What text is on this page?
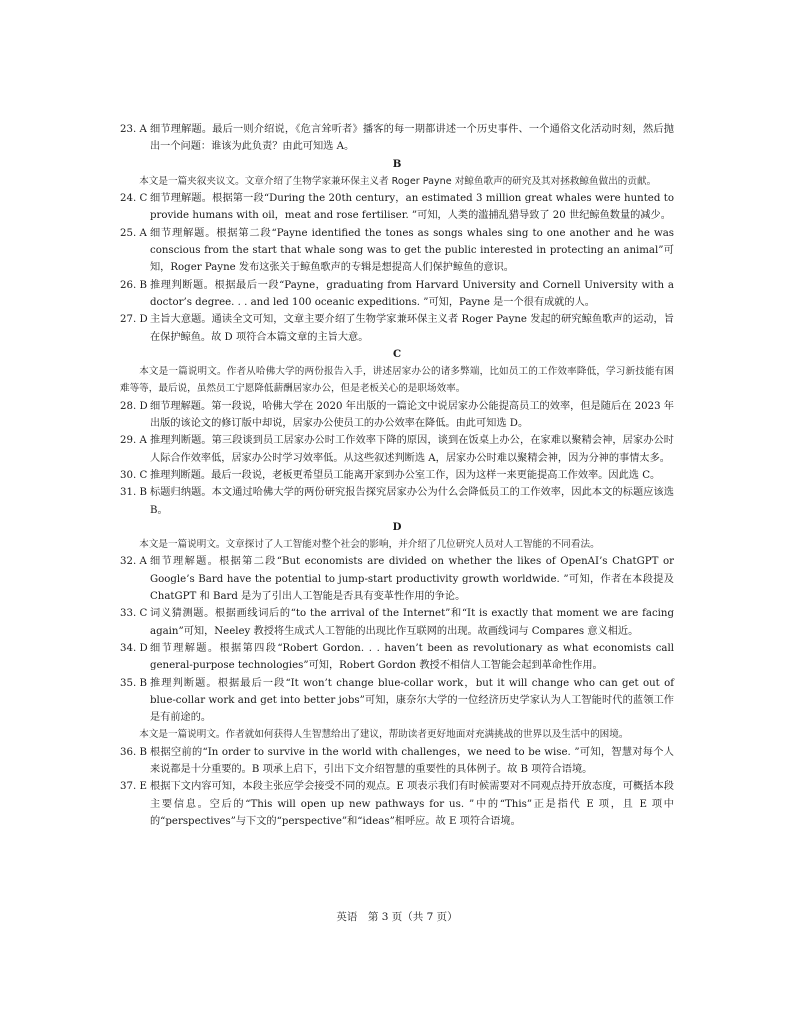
23. A 细节理解题。最后一则介绍说，《危言耸听者》播客的每一期都讲述一个历史事件、一个通俗文化活动时刻，然后抛出一个问题：谁该为此负责？由此可知选 A。
B
本文是一篇夹叙夹议文。文章介绍了生物学家兼环保主义者 Roger Payne 对鲸鱼歌声的研究及其对拯救鲸鱼做出的贡献。
24. C 细节理解题。根据第一段“During the 20th century，an estimated 3 million great whales were hunted to provide humans with oil，meat and rose fertiliser. ”可知，人类的滥捕乱猎导致了 20 世纪鲸鱼数量的减少。
25. A 细节理解题。根据第二段“Payne identified the tones as songs whales sing to one another and he was conscious from the start that whale song was to get the public interested in protecting an animal”可知，Roger Payne 发布这张关于鲸鱼歌声的专辑是想提高人们保护鲸鱼的意识。
26. B 推理判断题。根据最后一段“Payne，graduating from Harvard University and Cornell University with a doctor’s degree. . . and led 100 oceanic expeditions. ”可知，Payne 是一个很有成就的人。
27. D 主旨大意题。通读全文可知，文章主要介绍了生物学家兼环保主义者 Roger Payne 发起的研究鲸鱼歌声的运动，旨在保护鲸鱼。故 D 项符合本篇文章的主旨大意。
C
本文是一篇说明文。作者从哈佛大学的两份报告入手，讲述居家办公的诸多弊端，比如员工的工作效率降低，学习新技能有困难等等，最后说，虽然员工宁愿降低薪酬居家办公，但是老板关心的是职场效率。
28. D 细节理解题。第一段说，哈佛大学在 2020 年出版的一篇论文中说居家办公能提高员工的效率，但是随后在 2023 年出版的该论文的修订版中却说，居家办公使员工的办公效率在降低。由此可知选 D。
29. A 推理判断题。第三段谈到员工居家办公时工作效率下降的原因，谈到在饭桌上办公，在家难以聚精会神，居家办公时人际合作效率低，居家办公时学习效率低。从这些叙述判断选 A，居家办公时难以聚精会神，因为分神的事情太多。
30. C 推理判断题。最后一段说，老板更希望员工能离开家到办公室工作，因为这样一来更能提高工作效率。因此选 C。
31. B 标题归纳题。本文通过哈佛大学的两份研究报告探究居家办公为什么会降低员工的工作效率，因此本文的标题应该选 B。
D
本文是一篇说明文。文章探讨了人工智能对整个社会的影响，并介绍了几位研究人员对人工智能的不同看法。
32. A 细节理解题。根据第二段“But economists are divided on whether the likes of OpenAI’s ChatGPT or Google’s Bard have the potential to jump-start productivity growth worldwide. ”可知，作者在本段提及 ChatGPT 和 Bard 是为了引出人工智能是否具有变革性作用的争论。
33. C 词义猜测题。根据画线词后的“to the arrival of the Internet”和“It is exactly that moment we are facing again”可知，Neeley 教授将生成式人工智能的出现比作互联网的出现。故画线词与 Compares 意义相近。
34. D 细节理解题。根据第四段“Robert Gordon. . . haven’t been as revolutionary as what economists call general-purpose technologies”可知，Robert Gordon 教授不相信人工智能会起到革命性作用。
35. B 推理判断题。根据最后一段“It won’t change blue-collar work，but it will change who can get out of blue-collar work and get into better jobs”可知，康奈尔大学的一位经济历史学家认为人工智能时代的蓝领工作是有前途的。
本文是一篇说明文。作者就如何获得人生智慧给出了建议，帮助读者更好地面对充满挑战的世界以及生活中的困境。
36. B 根据空前的“In order to survive in the world with challenges，we need to be wise. ”可知，智慧对每个人来说都是十分重要的。B 项承上启下，引出下文介绍智慧的重要性的具体例子。故 B 项符合语境。
37. E 根据下文内容可知，本段主张应学会接受不同的观点。E 项表示我们有时候需要对不同观点持开放态度，可概括本段主要信息。空后的“This will open up new pathways for us. ”中的“This”正是指代 E 项，且 E 项中的“perspectives”与下文的“perspective”和“ideas”相呼应。故 E 项符合语境。
英语　第 3 页（共 7 页）
